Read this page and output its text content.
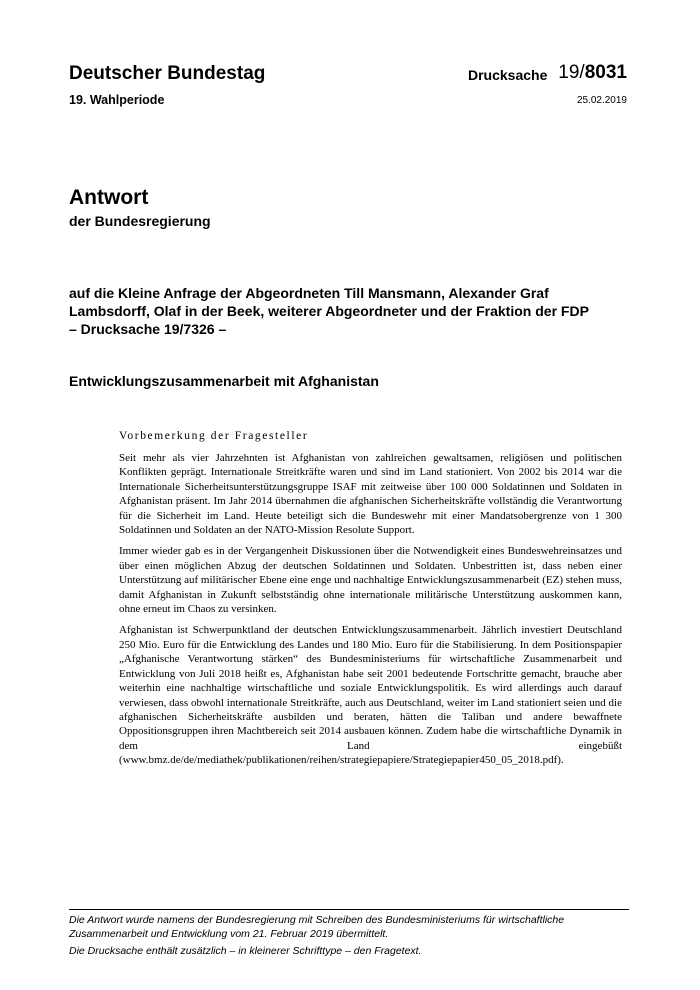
Deutscher Bundestag
19. Wahlperiode
Drucksache 19/8031
25.02.2019
Antwort
der Bundesregierung
auf die Kleine Anfrage der Abgeordneten Till Mansmann, Alexander Graf
Lambsdorff, Olaf in der Beek, weiterer Abgeordneter und der Fraktion der FDP
– Drucksache 19/7326 –
Entwicklungszusammenarbeit mit Afghanistan
Vorbemerkung der Fragesteller

Seit mehr als vier Jahrzehnten ist Afghanistan von zahlreichen gewaltsamen, religiösen und politischen Konflikten geprägt. Internationale Streitkräfte waren und sind im Land stationiert. Von 2002 bis 2014 war die Internationale Sicherheitsunterstützungsgruppe ISAF mit zeitweise über 100 000 Soldatinnen und Soldaten in Afghanistan präsent. Im Jahr 2014 übernahmen die afghanischen Sicherheitskräfte vollständig die Verantwortung für die Sicherheit im Land. Heute beteiligt sich die Bundeswehr mit einer Mandatsobergrenze von 1 300 Soldatinnen und Soldaten an der NATO-Mission Resolute Support.

Immer wieder gab es in der Vergangenheit Diskussionen über die Notwendigkeit eines Bundeswehreinsatzes und über einen möglichen Abzug der deutschen Soldatinnen und Soldaten. Unbestritten ist, dass neben einer Unterstützung auf militärischer Ebene eine enge und nachhaltige Entwicklungszusammenarbeit (EZ) stehen muss, damit Afghanistan in Zukunft selbstständig ohne internationale militärische Unterstützung auskommen kann, ohne erneut im Chaos zu versinken.

Afghanistan ist Schwerpunktland der deutschen Entwicklungszusammenarbeit. Jährlich investiert Deutschland 250 Mio. Euro für die Entwicklung des Landes und 180 Mio. Euro für die Stabilisierung. In dem Positionspapier „Afghanische Verantwortung stärken“ des Bundesministeriums für wirtschaftliche Zusammenarbeit und Entwicklung von Juli 2018 heißt es, Afghanistan habe seit 2001 bedeutende Fortschritte gemacht, brauche aber weiterhin eine nachhaltige wirtschaftliche und soziale Entwicklungspolitik. Es wird allerdings auch darauf verwiesen, dass obwohl internationale Streitkräfte, auch aus Deutschland, weiter im Land stationiert seien und die afghanischen Sicherheitskräfte ausbilden und beraten, hätten die Taliban und andere bewaffnete Oppositionsgruppen ihren Machtbereich seit 2014 ausbauen können. Zudem habe die wirtschaftliche Dynamik in dem Land eingebüßt (www.bmz.de/de/mediathek/publikationen/reihen/strategiepapiere/Strategiepapier450_05_2018.pdf).

Die Antwort wurde namens der Bundesregierung mit Schreiben des Bundesministeriums für wirtschaftliche Zusammenarbeit und Entwicklung vom 21. Februar 2019 übermittelt.
Die Drucksache enthält zusätzlich – in kleinerer Schrifttype – den Fragetext.
